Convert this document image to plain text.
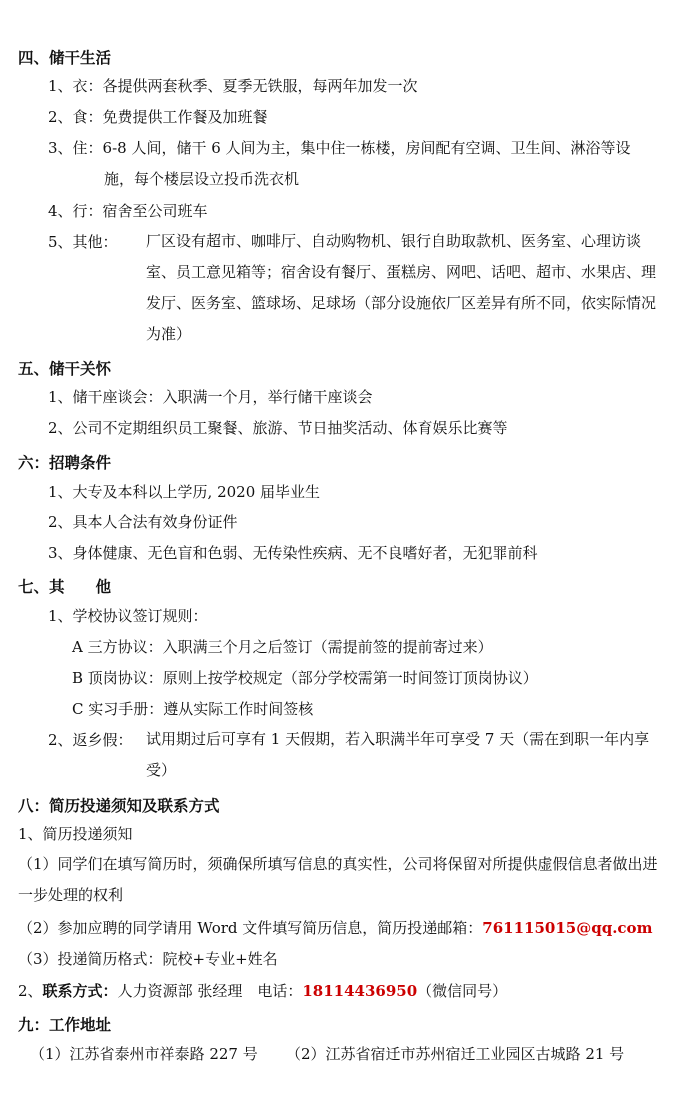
四、储干生活
1、衣：各提供两套秋季、夏季无铁服，每两年加发一次
2、食：免费提供工作餐及加班餐
3、住：6-8 人间，储干 6 人间为主，集中住一栋楼，房间配有空调、卫生间、淋浴等设
施，每个楼层设立投币洗衣机
4、行：宿舍至公司班车
5、其他： 厂区设有超市、咖啡厅、自动购物机、银行自助取款机、医务室、心理访谈室、员工意见箱等；宿舍设有餐厅、蛋糕房、网吧、话吧、超市、水果店、理发厅、医务室、篮球场、足球场（部分设施依厂区差异有所不同，依实际情况为准）
五、储干关怀
1、储干座谈会：入职满一个月，举行储干座谈会
2、公司不定期组织员工聚餐、旅游、节日抽奖活动、体育娱乐比赛等
六：招聘条件
1、大专及本科以上学历, 2020 届毕业生
2、具本人合法有效身份证件
3、身体健康、无色盲和色弱、无传染性疾病、无不良嗜好者，无犯罪前科
七、其　　他
1、学校协议签订规则：
A 三方协议：入职满三个月之后签订（需提前签的提前寄过来）
B 顶岗协议：原则上按学校规定（部分学校需第一时间签订顶岗协议）
C 实习手册：遵从实际工作时间签核
2、返乡假： 试用期过后可享有 1 天假期，若入职满半年可享受 7 天（需在到职一年内享受）
八：简历投递须知及联系方式
1、简历投递须知
（1）同学们在填写简历时，须确保所填写信息的真实性，公司将保留对所提供虚假信息者做出进一步处理的权利
（2）参加应聘的同学请用 Word 文件填写简历信息，简历投递邮箱：761115015@qq.com
（3）投递简历格式：院校+专业+姓名
2、联系方式：人力资源部 张经理　电话：18114436950（微信同号）
九：工作地址
（1）江苏省泰州市祥泰路 227 号 （2）江苏省宿迁市苏州宿迁工业园区古城路 21 号
